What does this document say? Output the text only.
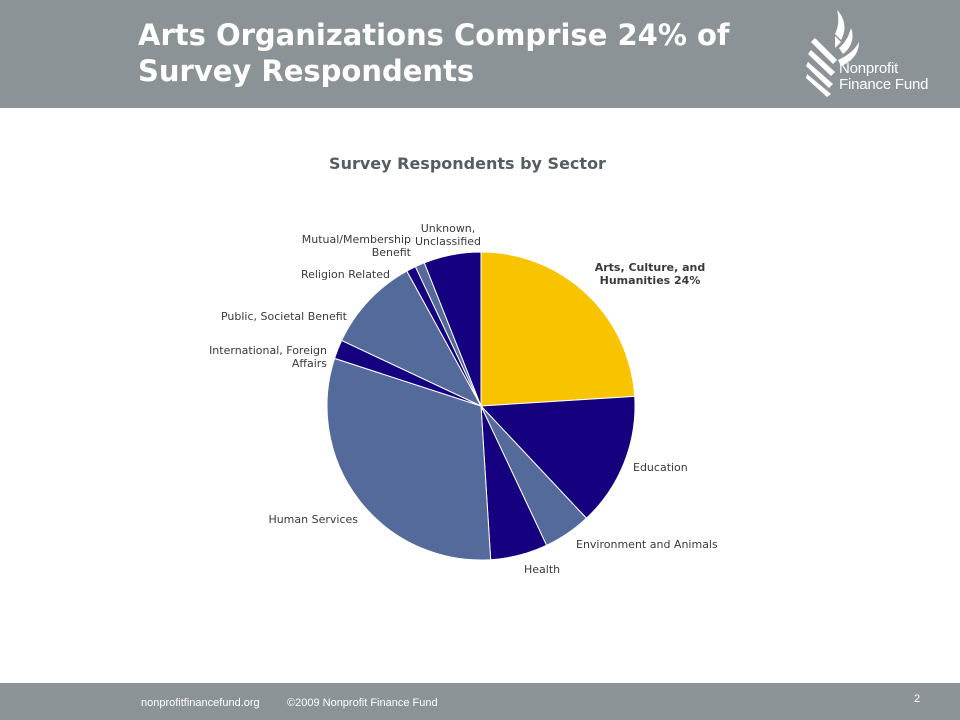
Arts Organizations Comprise 24% of
Survey Respondents	Nonprofit
Finance Fund
Survey Respondents by Sector
Arts, Culture, and Humanities 24%
Education
Environment and Animals
Health
Human Services
International, Foreign Affairs
Public, Societal Benefit
Religion Related
Mutual/Membership Benefit
Unknown, Unclassified
nonprofitfinancefund.org ©2009 Nonprofit Finance Fund	2
